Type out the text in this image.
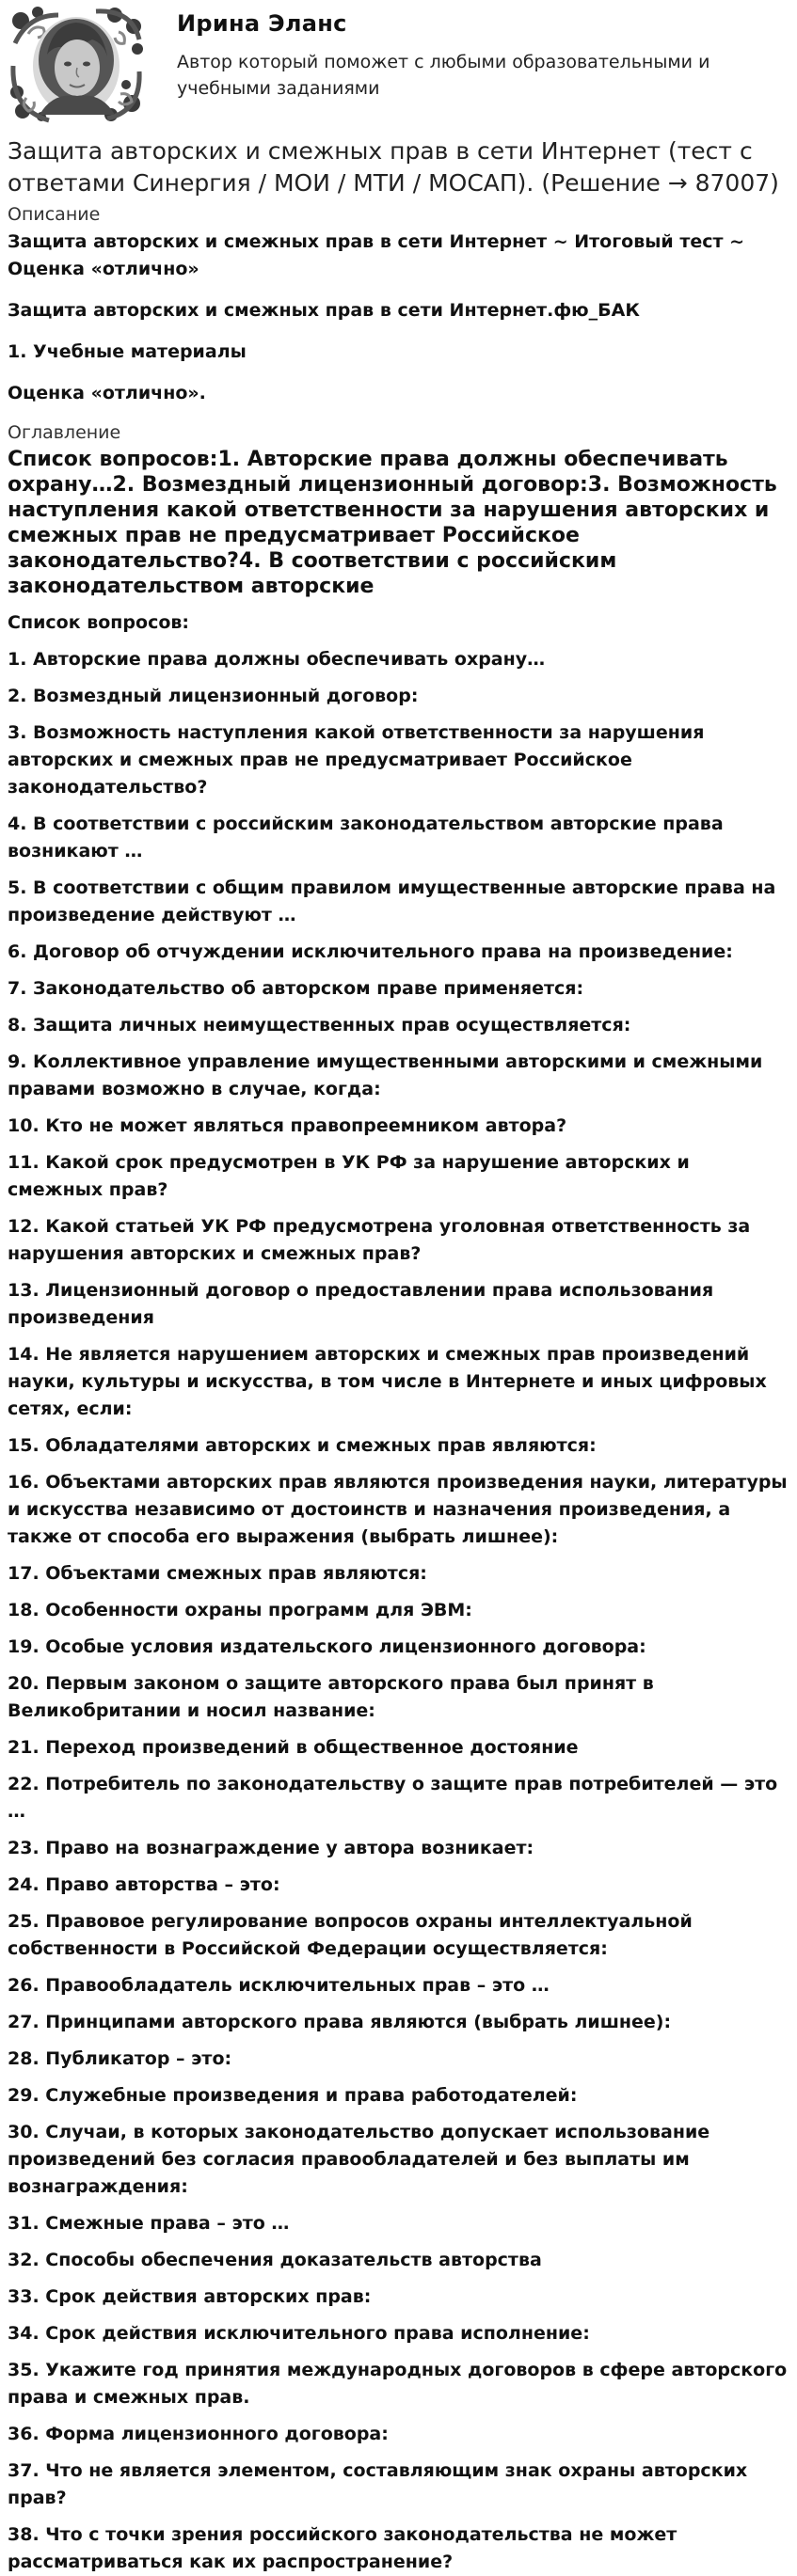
Ирина Эланс
Автор который поможет с любыми образовательными и учебными заданиями
Защита авторских и смежных прав в сети Интернет (тест с ответами Синергия / МОИ / МТИ / МОСАП). (Решение → 87007)
Описание
Защита авторских и смежных прав в сети Интернет ~ Итоговый тест ~ Оценка «отлично»
Защита авторских и смежных прав в сети Интернет.фю_БАК
1. Учебные материалы
Оценка «отлично».
Оглавление
Список вопросов:1. Авторские права должны обеспечивать охрану…2. Возмездный лицензионный договор:3. Возможность наступления какой ответственности за нарушения авторских и смежных прав не предусматривает Российское законодательство?4. В соответствии с российским законодательством авторские
Список вопросов:
1. Авторские права должны обеспечивать охрану…
2. Возмездный лицензионный договор:
3. Возможность наступления какой ответственности за нарушения авторских и смежных прав не предусматривает Российское законодательство?
4. В соответствии с российским законодательством авторские права возникают …
5. В соответствии с общим правилом имущественные авторские права на произведение действуют …
6. Договор об отчуждении исключительного права на произведение:
7. Законодательство об авторском праве применяется:
8. Защита личных неимущественных прав осуществляется:
9. Коллективное управление имущественными авторскими и смежными правами возможно в случае, когда:
10. Кто не может являться правопреемником автора?
11. Какой срок предусмотрен в УК РФ за нарушение авторских и смежных прав?
12. Какой статьей УК РФ предусмотрена уголовная ответственность за нарушения авторских и смежных прав?
13. Лицензионный договор о предоставлении права использования произведения
14. Не является нарушением авторских и смежных прав произведений науки, культуры и искусства, в том числе в Интернете и иных цифровых сетях, если:
15. Обладателями авторских и смежных прав являются:
16. Объектами авторских прав являются произведения науки, литературы и искусства независимо от достоинств и назначения произведения, а также от способа его выражения (выбрать лишнее):
17. Объектами смежных прав являются:
18. Особенности охраны программ для ЭВМ:
19. Особые условия издательского лицензионного договора:
20. Первым законом о защите авторского права был принят в Великобритании и носил название:
21. Переход произведений в общественное достояние
22. Потребитель по законодательству о защите прав потребителей — это …
23. Право на вознаграждение у автора возникает:
24. Право авторства – это:
25. Правовое регулирование вопросов охраны интеллектуальной собственности в Российской Федерации осуществляется:
26. Правообладатель исключительных прав – это …
27. Принципами авторского права являются (выбрать лишнее):
28. Публикатор – это:
29. Служебные произведения и права работодателей:
30. Случаи, в которых законодательство допускает использование произведений без согласия правообладателей и без выплаты им вознаграждения:
31. Смежные права – это …
32. Способы обеспечения доказательств авторства
33. Срок действия авторских прав:
34. Срок действия исключительного права исполнение:
35. Укажите год принятия международных договоров в сфере авторского права и смежных прав.
36. Форма лицензионного договора:
37. Что не является элементом, составляющим знак охраны авторских прав?
38. Что с точки зрения российского законодательства не может рассматриваться как их распространение?
